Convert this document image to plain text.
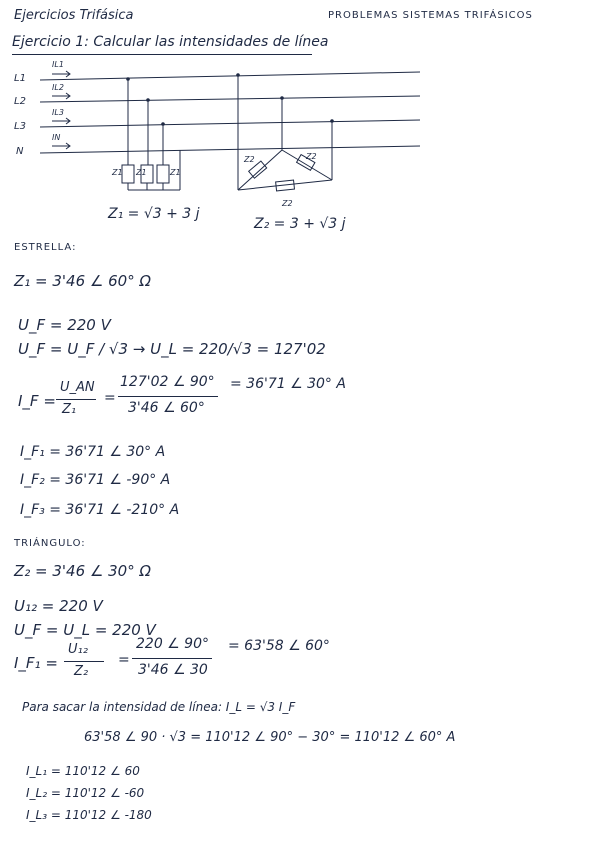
Ejercicios Trifásica	PROBLEMAS SISTEMAS TRIFÁSICOS
Ejercicio 1: Calcular las intensidades de línea
L1
L2
L3
N
IL1
IL2
IL3
IN
Z1 Z1	Z1
Z2	Z2
Z2
Z₁ = √3 + 3 j
Z₂ = 3 + √3 j
ESTRELLA:
Z₁ = 3'46 ∠ 60° Ω
U_F = 220 V
U_F = U_F / √3 → U_L = 220/√3 = 127'02
I_F =
U_AN
Z₁
=
127'02 ∠ 90°
3'46 ∠ 60°
= 36'71 ∠ 30° A
I_F₁ = 36'71 ∠ 30° A
I_F₂ = 36'71 ∠ -90° A
I_F₃ = 36'71 ∠ -210° A
TRIÁNGULO:
Z₂ = 3'46 ∠ 30° Ω
U₁₂ = 220 V
U_F = U_L = 220 V
I_F₁ =
U₁₂
Z₂
=
220 ∠ 90°
3'46 ∠ 30
= 63'58 ∠ 60°
Para sacar la intensidad de línea: I_L = √3 I_F
63'58 ∠ 90 · √3 = 110'12 ∠ 90° − 30° = 110'12 ∠ 60° A
I_L₁ = 110'12 ∠ 60
I_L₂ = 110'12 ∠ -60
I_L₃ = 110'12 ∠ -180
